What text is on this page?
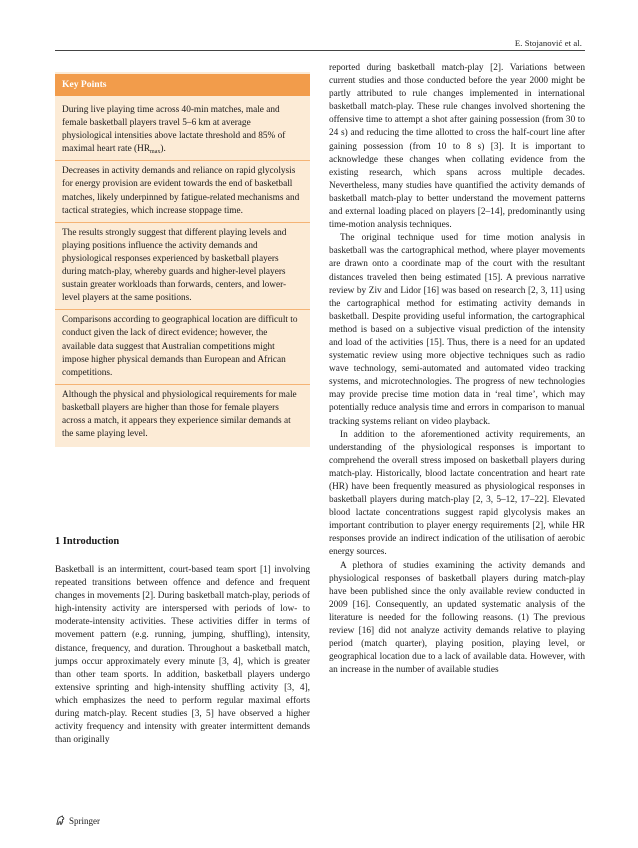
E. Stojanović et al.
Key Points
During live playing time across 40-min matches, male and female basketball players travel 5–6 km at average physiological intensities above lactate threshold and 85% of maximal heart rate $(HR_{max})$.
Decreases in activity demands and reliance on rapid glycolysis for energy provision are evident towards the end of basketball matches, likely underpinned by fatigue-related mechanisms and tactical strategies, which increase stoppage time.
The results strongly suggest that different playing levels and playing positions influence the activity demands and physiological responses experienced by basketball players during match-play, whereby guards and higher-level players sustain greater workloads than forwards, centers, and lower-level players at the same positions.
Comparisons according to geographical location are difficult to conduct given the lack of direct evidence; however, the available data suggest that Australian competitions might impose higher physical demands than European and African competitions.
Although the physical and physiological requirements for male basketball players are higher than those for female players across a match, it appears they experience similar demands at the same playing level.
1 Introduction

Basketball is an intermittent, court-based team sport [1] involving repeated transitions between offence and defence and frequent changes in movements [2]. During basketball match-play, periods of high-intensity activity are interspersed with periods of low- to moderate-intensity activities. These activities differ in terms of movement pattern (e.g. running, jumping, shuffling), intensity, distance, frequency, and duration. Throughout a basketball match, jumps occur approximately every minute [3, 4], which is greater than other team sports. In addition, basketball players undergo extensive sprinting and high-intensity shuffling activity [3, 4], which emphasizes the need to perform regular maximal efforts during match-play. Recent studies [3, 5] have observed a higher activity frequency and intensity with greater intermittent demands than originally

reported during basketball match-play [2]. Variations between current studies and those conducted before the year 2000 might be partly attributed to rule changes implemented in international basketball match-play. These rule changes involved shortening the offensive time to attempt a shot after gaining possession (from 30 to 24 s) and reducing the time allotted to cross the half-court line after gaining possession (from 10 to 8 s) [3]. It is important to acknowledge these changes when collating evidence from the existing research, which spans across multiple decades. Nevertheless, many studies have quantified the activity demands of basketball match-play to better understand the movement patterns and external loading placed on players [2–14], predominantly using time-motion analysis techniques.

The original technique used for time motion analysis in basketball was the cartographical method, where player movements are drawn onto a coordinate map of the court with the resultant distances traveled then being estimated [15]. A previous narrative review by Ziv and Lidor [16] was based on research [2, 3, 11] using the cartographical method for estimating activity demands in basketball. Despite providing useful information, the cartographical method is based on a subjective visual prediction of the intensity and load of the activities [15]. Thus, there is a need for an updated systematic review using more objective techniques such as radio wave technology, semi-automated and automated video tracking systems, and microtechnologies. The progress of new technologies may provide precise time motion data in ‘real time’, which may potentially reduce analysis time and errors in comparison to manual tracking systems reliant on video playback.

In addition to the aforementioned activity requirements, an understanding of the physiological responses is important to comprehend the overall stress imposed on basketball players during match-play. Historically, blood lactate concentration and heart rate (HR) have been frequently measured as physiological responses in basketball players during match-play [2, 3, 5–12, 17–22]. Elevated blood lactate concentrations suggest rapid glycolysis makes an important contribution to player energy requirements [2], while HR responses provide an indirect indication of the utilisation of aerobic energy sources.

A plethora of studies examining the activity demands and physiological responses of basketball players during match-play have been published since the only available review conducted in 2009 [16]. Consequently, an updated systematic analysis of the literature is needed for the following reasons. (1) The previous review [16] did not analyze activity demands relative to playing period (match quarter), playing position, playing level, or geographical location due to a lack of available data. However, with an increase in the number of available studies

Springer
